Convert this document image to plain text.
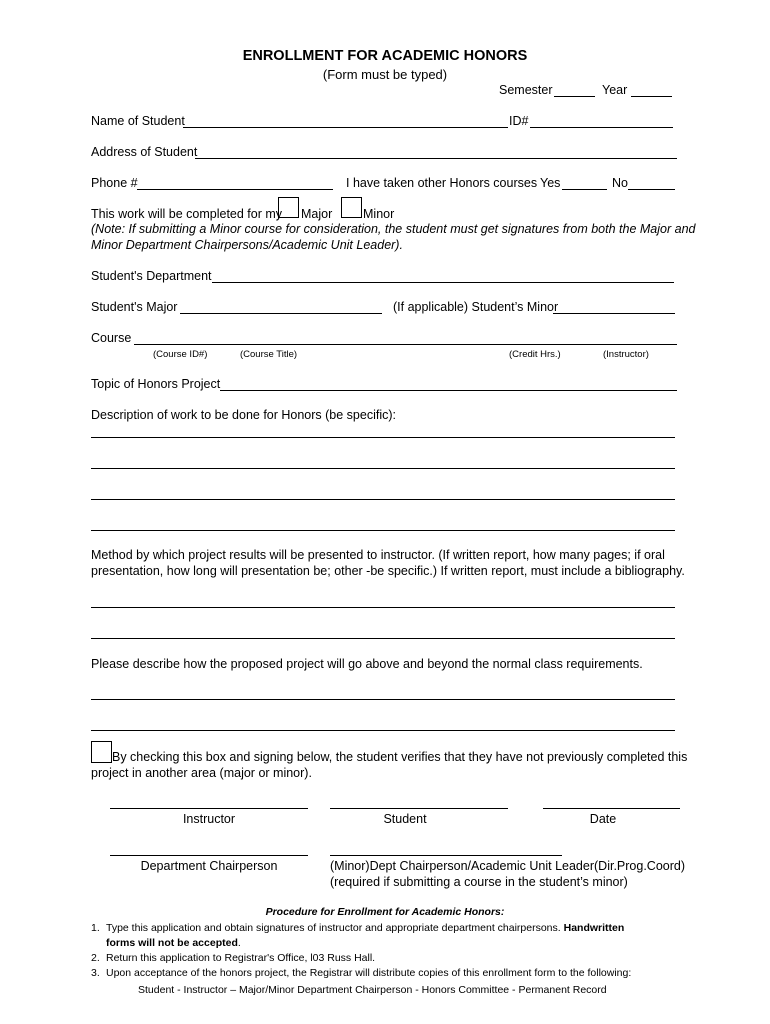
ENROLLMENT FOR ACADEMIC HONORS
(Form must be typed)
Semester	Year
Name of Student	ID#
Address of Student
Phone #	I have taken other Honors courses Yes	No
This work will be completed for my Major Minor
(Note: If submitting a Minor course for consideration, the student must get signatures from both the Major and
Minor Department Chairpersons/Academic Unit Leader).
Student's Department
Student's Major	(If applicable) Student’s Minor
Course
(Course ID#)	(Course Title)	(Credit Hrs.)	(Instructor)
Topic of Honors Project
Description of work to be done for Honors (be specific):
Method by which project results will be presented to instructor. (If written report, how many pages; if oral
presentation, how long will presentation be; other -be specific.) If written report, must include a bibliography.
Please describe how the proposed project will go above and beyond the normal class requirements.
By checking this box and signing below, the student verifies that they have not previously completed this
project in another area (major or minor).
Instructor	Student	Date
Department Chairperson	(Minor)Dept Chairperson/Academic Unit Leader(Dir.Prog.Coord)
(required if submitting a course in the student’s minor)
Procedure for Enrollment for Academic Honors:
1. Type this application and obtain signatures of instructor and appropriate department chairpersons. Handwritten
forms will not be accepted.
2. Return this application to Registrar's Office, l03 Russ Hall.
3. Upon acceptance of the honors project, the Registrar will distribute copies of this enrollment form to the following:
Student - Instructor – Major/Minor Department Chairperson - Honors Committee - Permanent Record
